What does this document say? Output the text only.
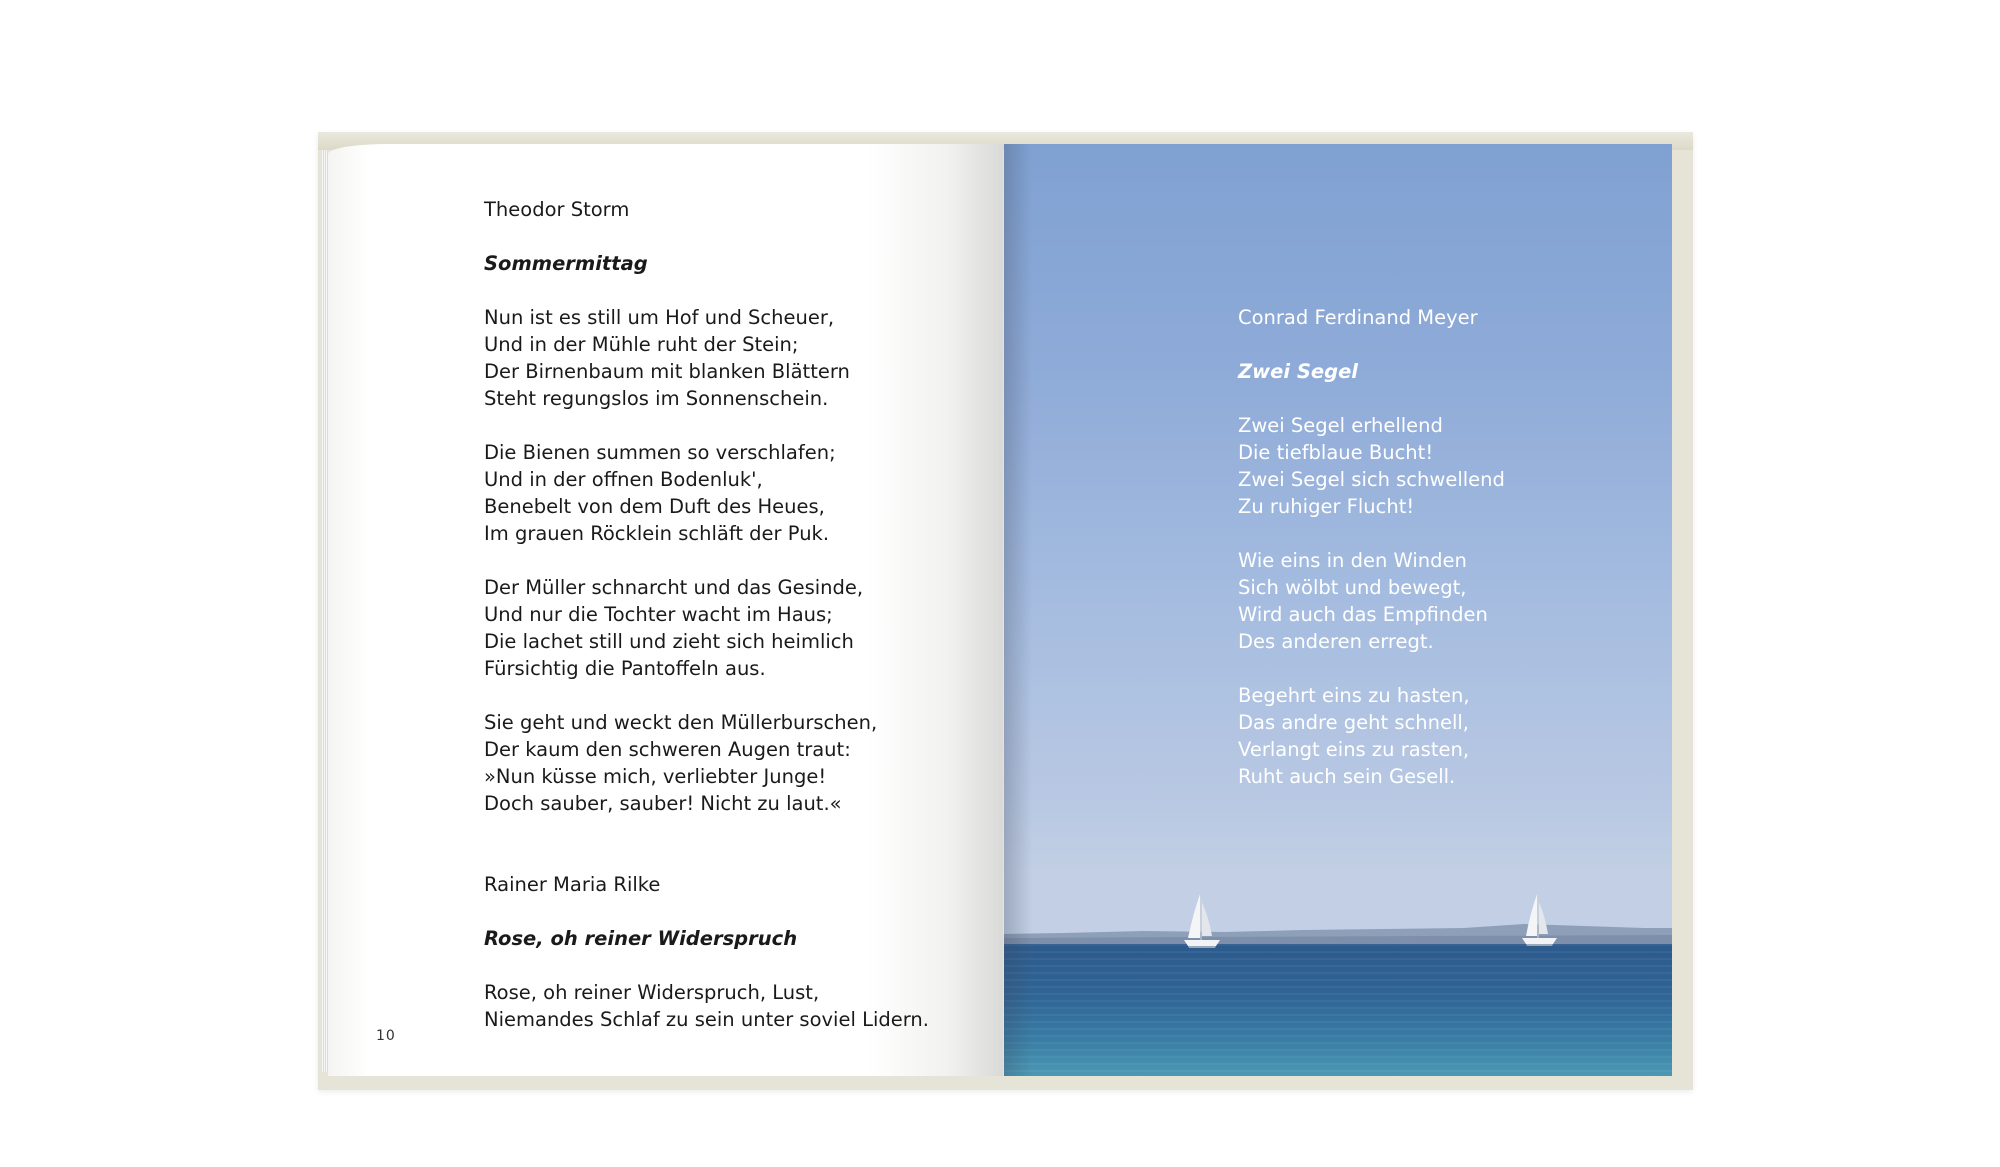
Theodor Storm
Sommermittag
Nun ist es still um Hof und Scheuer,
Und in der Mühle ruht der Stein;
Der Birnenbaum mit blanken Blättern
Steht regungslos im Sonnenschein.
Die Bienen summen so verschlafen;
Und in der offnen Bodenluk',
Benebelt von dem Duft des Heues,
Im grauen Röcklein schläft der Puk.
Der Müller schnarcht und das Gesinde,
Und nur die Tochter wacht im Haus;
Die lachet still und zieht sich heimlich
Fürsichtig die Pantoffeln aus.
Sie geht und weckt den Müllerburschen,
Der kaum den schweren Augen traut:
»Nun küsse mich, verliebter Junge!
Doch sauber, sauber! Nicht zu laut.«
Rainer Maria Rilke
Rose, oh reiner Widerspruch
Rose, oh reiner Widerspruch, Lust,
Niemandes Schlaf zu sein unter soviel Lidern.
10
Conrad Ferdinand Meyer
Zwei Segel
Zwei Segel erhellend
Die tiefblaue Bucht!
Zwei Segel sich schwellend
Zu ruhiger Flucht!
Wie eins in den Winden
Sich wölbt und bewegt,
Wird auch das Empfinden
Des anderen erregt.
Begehrt eins zu hasten,
Das andre geht schnell,
Verlangt eins zu rasten,
Ruht auch sein Gesell.
